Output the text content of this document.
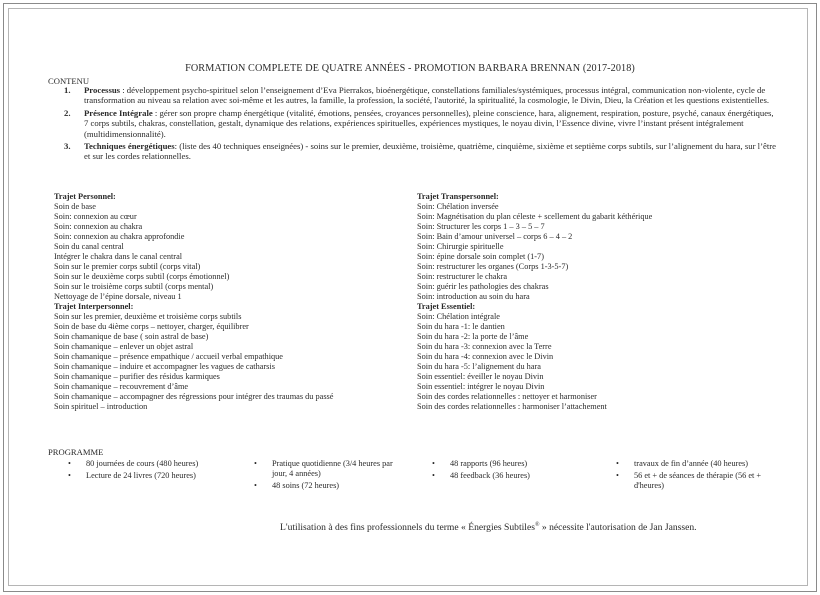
FORMATION COMPLETE DE QUATRE ANNÉES - PROMOTION BARBARA BRENNAN (2017-2018)
CONTENU
1. Processus : développement psycho-spirituel selon l’enseignement d’Eva Pierrakos, bioénergétique, constellations familiales/systémiques, processus intégral, communication non-violente, cycle de transformation au niveau sa relation avec soi-même et les autres, la famille, la profession, la société, l'autorité, la spiritualité, la cosmologie, le Divin, Dieu, la Création et les questions existentielles.
2. Présence Intégrale : gérer son propre champ énergétique (vitalité, émotions, pensées, croyances personnelles), pleine conscience, hara, alignement, respiration, posture, psyché, canaux énergétiques, 7 corps subtils, chakras, constellation, gestalt, dynamique des relations, expériences spirituelles, expériences mystiques, le noyau divin, l’Essence divine, vivre l’instant présent intégralement (multidimensionnalité).
3. Techniques énergétiques: (liste des 40 techniques enseignées) - soins sur le premier, deuxième, troisième, quatrième, cinquième, sixième et septième corps subtils, sur l’alignement du hara, sur l’être et sur les cordes relationnelles.
Trajet Personnel:
Soin de base
Soin: connexion au cœur
Soin: connexion au chakra
Soin: connexion au chakra approfondie
Soin du canal central
Intégrer le chakra dans le canal central
Soin sur le premier corps subtil (corps vital)
Soin sur le deuxième corps subtil (corps émotionnel)
Soin sur le troisième corps subtil (corps mental)
Nettoyage de l’épine dorsale, niveau 1
Trajet Interpersonnel:
Soin sur les premier, deuxième et troisième corps subtils
Soin de base du 4ième corps – nettoyer, charger, équilibrer
Soin chamanique de base ( soin astral de base)
Soin chamanique – enlever un objet astral
Soin chamanique – présence empathique / accueil verbal empathique
Soin chamanique – induire et accompagner les vagues de catharsis
Soin chamanique – purifier des résidus karmiques
Soin chamanique – recouvrement d’âme
Soin chamanique – accompagner des régressions pour intégrer des traumas du passé
Soin spirituel – introduction
Trajet Transpersonnel:
Soin: Chélation inversée
Soin: Magnétisation du plan céleste + scellement du gabarit kéthérique
Soin: Structurer les corps 1 – 3 – 5 – 7
Soin: Bain d’amour universel – corps 6 – 4 – 2
Soin: Chirurgie spirituelle
Soin: épine dorsale soin complet (1-7)
Soin: restructurer les organes (Corps 1-3-5-7)
Soin: restructurer le chakra
Soin: guérir les pathologies des chakras
Soin: introduction au soin du hara
Trajet Essentiel:
Soin: Chélation intégrale
Soin du hara -1: le dantien
Soin du hara -2: la porte de l’âme
Soin du hara -3: connexion avec la Terre
Soin du hara -4: connexion avec le Divin
Soin du hara -5: l’alignement du hara
Soin essentiel: éveiller le noyau Divin
Soin essentiel: intégrer le noyau Divin
Soin des cordes relationnelles : nettoyer et harmoniser
Soin des cordes relationnelles : harmoniser l’attachement
PROGRAMME
• 80 journées de cours (480 heures)
• Lecture de 24 livres (720 heures)
• Pratique quotidienne (3/4 heures par jour, 4 années)
• 48 soins (72 heures)
• 48 rapports (96 heures)
• 48 feedback (36 heures)
• travaux de fin d’année (40 heures)
• 56 et + de séances de thérapie (56 et + d'heures)
L'utilisation à des fins professionnels du terme « Énergies Subtiles® » nécessite l'autorisation de Jan Janssen.
